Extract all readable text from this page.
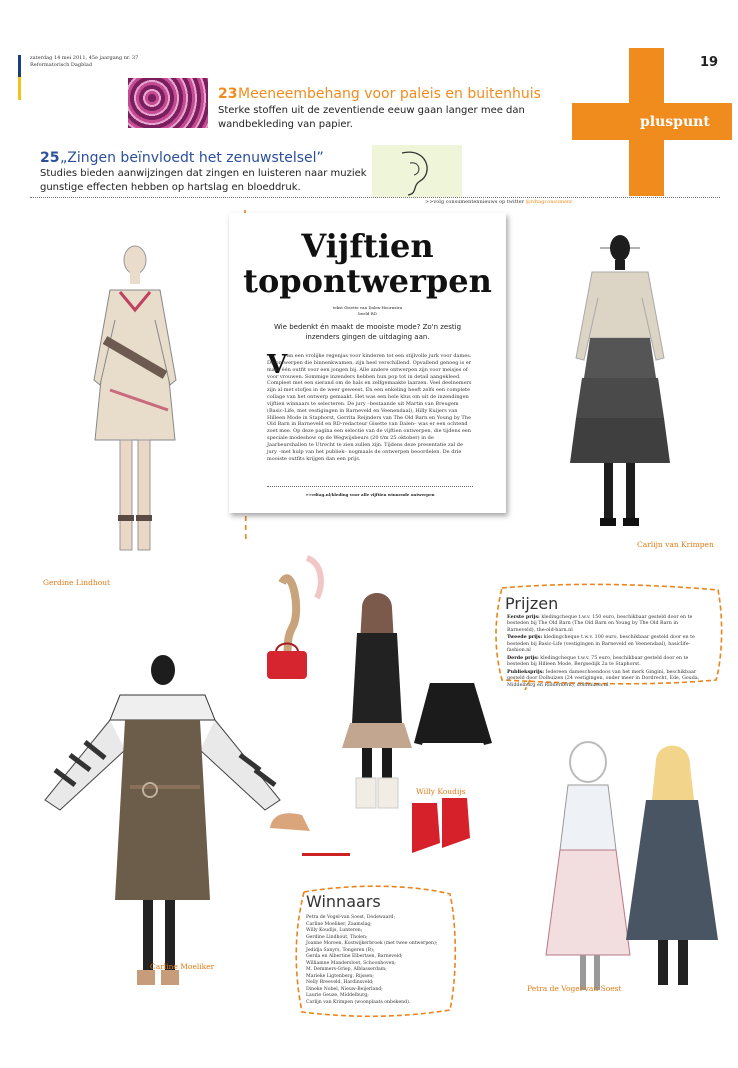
zaterdag 14 mei 2011, 45e jaargang nr. 37
Reformatorisch Dagblad	19
pluspunt
23 Meeneembehang voor paleis en buitenhuis
Sterke stoffen uit de zeventiende eeuw gaan langer mee dan wandbekleding van papier.
25 „Zingen beïnvloedt het zenuwstelsel”
Studies bieden aanwijzingen dat zingen en luisteren naar muziek gunstige effecten hebben op hartslag en bloeddruk.
>>volg consumentennieuws op twitter @rdtagconsument
Vijftien topontwerpen
tekst Gisette van Dalen-Hoornstra
beeld RD
Wie bedenkt én maakt de mooiste mode? Zo'n zestig inzenders gingen de uitdaging aan.
V an een vrolijke regenjas voor kinderen tot een stijlvolle jurk voor dames. De ontwerpen die binnenkwamen, zijn heel verschillend. Opvallend genoeg is er maar één outfit voor een jongen bij. Alle andere ontwerpen zijn voor meisjes of voor vrouwen. Sommige inzenders hebben hun pop tot in detail aangekleed. Compleet met een sierand om de hals en zelfgemaakte laarzen. Veel deelnemers zijn al met stofjes in de weer geweest. En een enkeling heeft zelfs een complete collage van het ontwerp gemaakt. Het was een hele klus om uit de inzendingen vijftien winnaars te selecteren. De jury –bestaande uit Martin van Breugem (Basic-Life, met vestigingen in Barneveld en Veenendaal), Hilly Kuijers van Hilleen Mode in Staphorst, Gerrita Reijnders van The Old Barn en Young by The Old Barn in Barneveld en RD-redacteur Gisette van Dalen– was er een ochtend zoet mee. Op deze pagina een selectie van de vijftien ontwerpen, die tijdens een speciale modeshow op de Wegwijsbeurs (20 t/m 25 oktober) in de Jaarbeurshallen te Utrecht te zien zullen zijn. Tijdens deze presentatie zal de jury –met hulp van het publiek– nogmaals de ontwerpen beoordelen. De drie mooiste outfits krijgen dan een prijs.
>>rdtag.nl/kleding voor alle vijftien winnende ontwerpen
Gerdine Lindhout
Carlijn van Krimpen
Willy Koudijs
Carline Moeliker
Petra de Vogel-van Soest
Prijzen
Eerste prijs: kledingcheque t.w.v. 150 euro, beschikbaar gesteld door en te besteden bij The Old Barn (The Old Barn en Young by The Old Barn in Barneveld), the-old-barn.nl
Tweede prijs: kledingcheque t.w.v. 100 euro, beschikbaar gesteld door en te besteden bij Basic-Life (vestigingen in Barneveld en Veenendaal), basiclife-fashion.nl
Derde prijs: kledingcheque t.w.v. 75 euro, beschikbaar gesteld door en te besteden bij Hilleen Mode, Bergsedijk 2a te Staphorst.
Publieksprijs: Iedereen dameschoendoos van het merk Gingini, beschikbaar gesteld door Dolhuizen (24 vestigingen, onder meer in Dordrecht, Ede, Gouda, Middelburg en Ridderkerk), dolfhuizen.nl.
Winnaars
Petra de Vogel-van Soest, Dodewaard;
Carline Moeliker, Zaamslag;
Willy Koudijs, Lunteren;
Gerdine Lindhout, Tholen;
Joanne Moreen, Kostwijkerbroek (met twee ontwerpen);
Jedidja Sanyrs, Tongeren (B);
Gerda en Albertine Elbertsen, Barneveld;
Williamne Mandersloot, Schoonhoven;
M. Demmers-Griep, Alblasserdam;
Marieke Ligtenberg, Rijssen;
Nelly Breeveld, Hardinxveld;
Dineke Nobel, Nieuw-Beijerland;
Laurie Geuze, Middelburg;
Carlijn van Krimpen (woonplaats onbekend).
